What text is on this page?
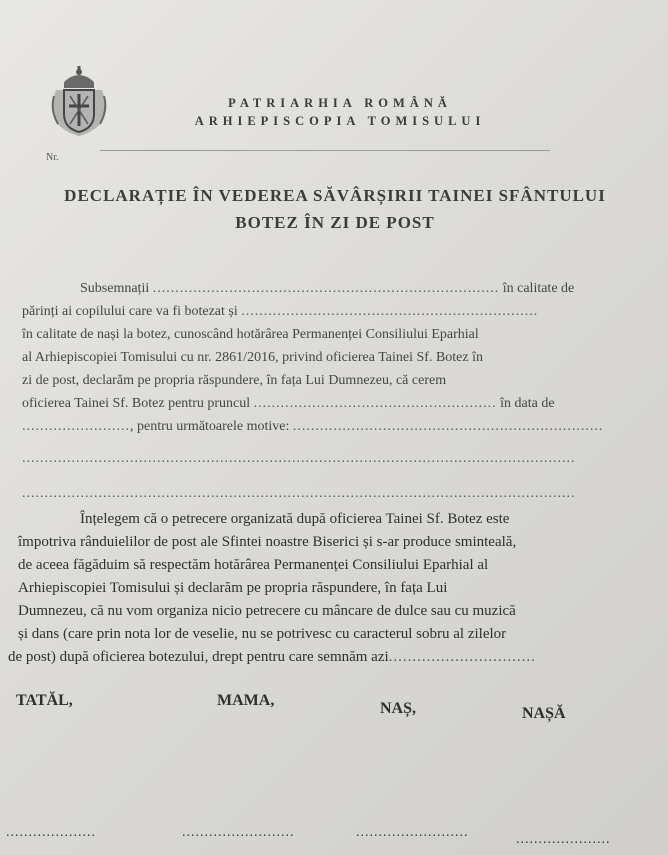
PATRIARHIA ROMÂNĂ
ARHIEPISCOPIA TOMISULUI
Nr.
DECLARAȚIE ÎN VEDEREA SĂVÂRȘIRII TAINEI SFÂNTULUI
BOTEZ ÎN ZI DE POST
Subsemnații ............................................................................. în calitate de
părinți ai copilului care va fi botezat și ..................................................................
în calitate de nași la botez, cunoscând hotărârea Permanenței Consiliului Eparhial
al Arhiepiscopiei Tomisului cu nr. 2861/2016, privind oficierea Tainei Sf. Botez în
zi de post, declarăm pe propria răspundere, în fața Lui Dumnezeu, că cerem
oficierea Tainei Sf. Botez pentru pruncul ...................................................... în data de
........................, pentru următoarele motive: .....................................................................
...........................................................................................................................
...........................................................................................................................
Înțelegem că o petrecere organizată după oficierea Tainei Sf. Botez este
împotriva rânduielilor de post ale Sfintei noastre Biserici și s-ar produce sminteală,
de aceea făgăduim să respectăm hotărârea Permanenței Consiliului Eparhial al
Arhiepiscopiei Tomisului și declarăm pe propria răspundere, în fața Lui
Dumnezeu, că nu vom organiza nicio petrecere cu mâncare de dulce sau cu muzică
și dans (care prin nota lor de veselie, nu se potrivesc cu caracterul sobru al zilelor
de post) după oficierea botezului, drept pentru care semnăm azi...............................
TATĂL,	MAMA,	NAȘ,	NAȘĂ
....................	.........................	.........................	.....................
